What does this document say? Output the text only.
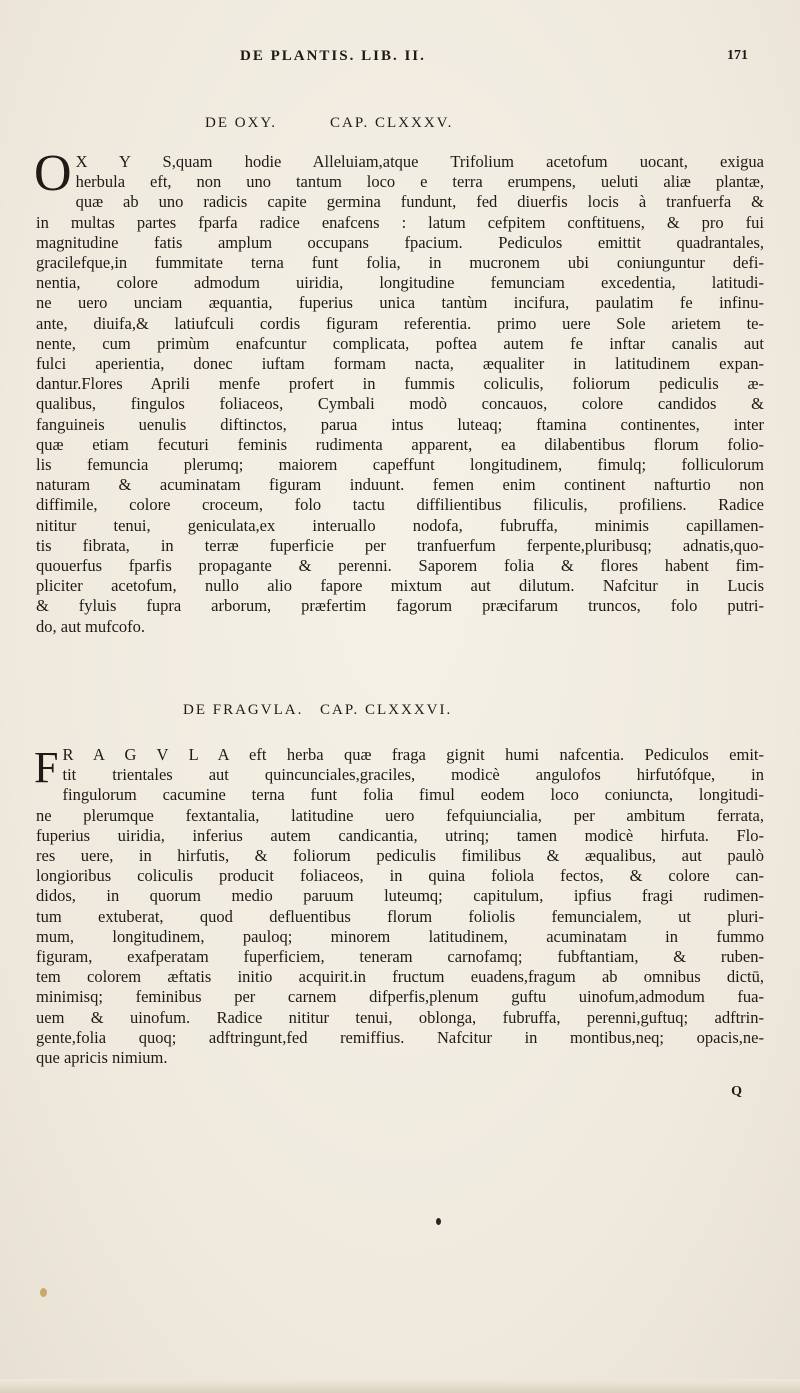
DE PLANTIS. LIB. II.	171
DE OXY.	CAP. CLXXXV.
O X Y S,quam hodie Alleluiam,atque Trifolium acetofum uocant, exigua
herbula eft, non uno tantum loco e terra erumpens, ueluti aliæ plantæ,
quæ ab uno radicis capite germina fundunt, fed diuerfis locis à tranfuerfa &
in multas partes fparfa radice enafcens : latum cefpitem conftituens, & pro fui
magnitudine fatis amplum occupans fpacium. Pediculos emittit quadrantales,
gracilefque,in fummitate terna funt folia, in mucronem ubi coniunguntur defi-
nentia, colore admodum uiridia, longitudine femunciam excedentia, latitudi-
ne uero unciam æquantia, fuperius unica tantùm incifura, paulatim fe infinu-
ante, diuifa,& latiufculi cordis figuram referentia. primo uere Sole arietem te-
nente, cum primùm enafcuntur complicata, poftea autem fe inftar canalis aut
fulci aperientia, donec iuftam formam nacta, æqualiter in latitudinem expan-
dantur.Flores Aprili menfe profert in fummis coliculis, foliorum pediculis æ-
qualibus, fingulos foliaceos, Cymbali modò concauos, colore candidos &
fanguineis uenulis diftinctos, parua intus luteaq; ftamina continentes, inter
quæ etiam fecuturi feminis rudimenta apparent, ea dilabentibus florum folio-
lis femuncia plerumq; maiorem capeffunt longitudinem, fimulq; folliculorum
naturam & acuminatam figuram induunt. femen enim continent nafturtio non
diffimile, colore croceum, folo tactu diffilientibus filiculis, profiliens. Radice
nititur tenui, geniculata,ex interuallo nodofa, fubruffa, minimis capillamen-
tis fibrata, in terræ fuperficie per tranfuerfum ferpente,pluribusq; adnatis,quo-
quouerfus fparfis propagante & perenni. Saporem folia & flores habent fim-
pliciter acetofum, nullo alio fapore mixtum aut dilutum. Nafcitur in Lucis
& fyluis fupra arborum, præfertim fagorum præcifarum truncos, folo putri-
do, aut mufcofo.
DE FRAGVLA. CAP. CLXXXVI.
F R A G V L A eft herba quæ fraga gignit humi nafcentia. Pediculos emit-
tit trientales aut quincunciales,graciles, modicè angulofos hirfutófque, in
fingulorum cacumine terna funt folia fimul eodem loco coniuncta, longitudi-
ne plerumque fextantalia, latitudine uero fefquiuncialia, per ambitum ferrata,
fuperius uiridia, inferius autem candicantia, utrinq; tamen modicè hirfuta. Flo-
res uere, in hirfutis, & foliorum pediculis fimilibus & æqualibus, aut paulò
longioribus coliculis producit foliaceos, in quina foliola fectos, & colore can-
didos, in quorum medio paruum luteumq; capitulum, ipfius fragi rudimen-
tum extuberat, quod defluentibus florum foliolis femuncialem, ut pluri-
mum, longitudinem, pauloq; minorem latitudinem, acuminatam in fummo
figuram, exafperatam fuperficiem, teneram carnofamq; fubftantiam, & ruben-
tem colorem æftatis initio acquirit.in fructum euadens,fragum ab omnibus dictū,
minimisq; feminibus per carnem difperfis,plenum guftu uinofum,admodum fua-
uem & uinofum. Radice nititur tenui, oblonga, fubruffa, perenni,guftuq; adftrin-
gente,folia quoq; adftringunt,fed remiffius. Nafcitur in montibus,neq; opacis,ne-
que apricis nimium.
Q
